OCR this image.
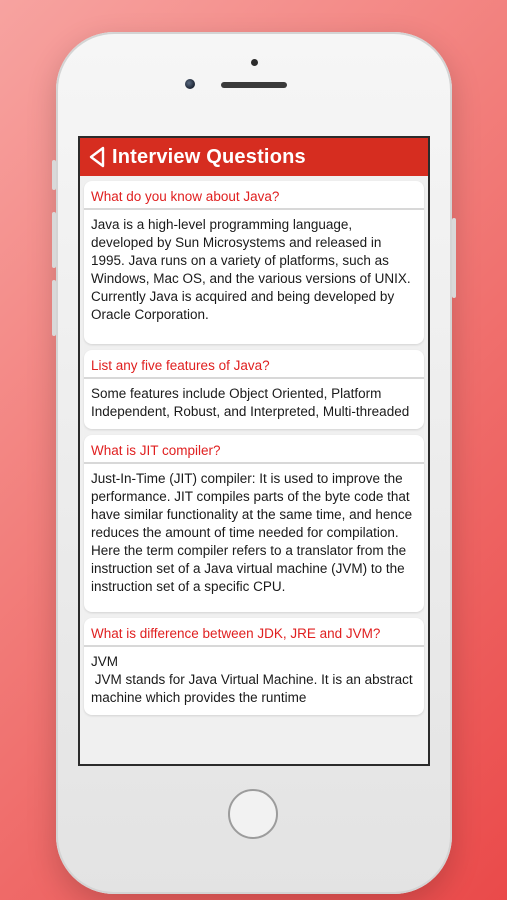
Interview Questions
What do you know about Java?
Java is a high-level programming language, developed by Sun Microsystems and released in 1995. Java runs on a variety of platforms, such as Windows, Mac OS, and the various versions of UNIX. Currently Java is acquired and being developed by Oracle Corporation.
List any five features of Java?
Some features include Object Oriented, Platform Independent, Robust, and Interpreted, Multi-threaded
What is JIT compiler?
Just-In-Time (JIT) compiler: It is used to improve the performance. JIT compiles parts of the byte code that have similar functionality at the same time, and hence reduces the amount of time needed for compilation. Here the term compiler refers to a translator from the instruction set of a Java virtual machine (JVM) to the instruction set of a specific CPU.
What is difference between JDK, JRE and JVM?
JVM
JVM stands for Java Virtual Machine. It is an abstract machine which provides the runtime
